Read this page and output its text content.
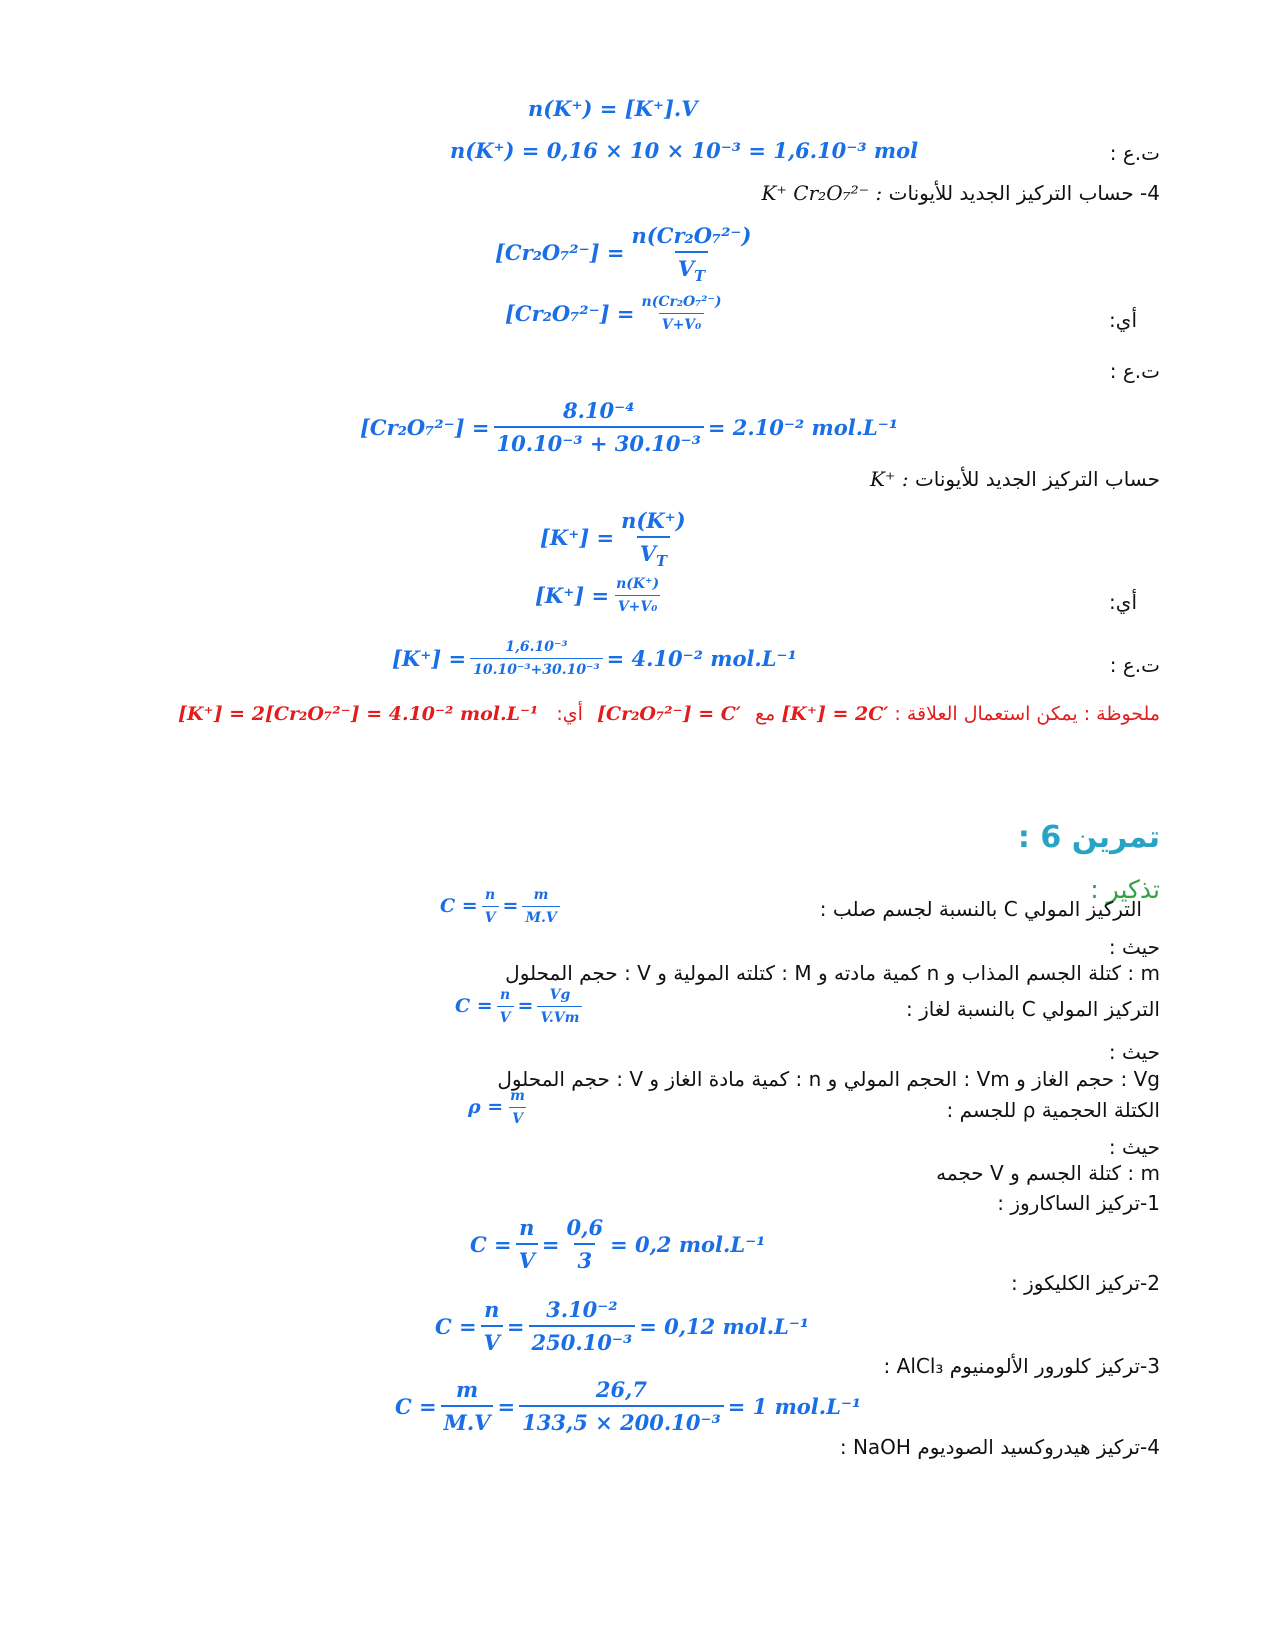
n(K⁺) = [K⁺].V
ت.ع :
n(K⁺) = 0,16 × 10 × 10⁻³ = 1,6.10⁻³ mol
4- حساب التركيز الجديد للأيونات K⁺ Cr₂O₇²⁻ :
$[Cr_2O_7^{2-}] = \frac{\text{n(Cr₂O₇²⁻)}}{V_T}$
أي:
$[Cr_2O_7^{2-}] = \frac{\text{n(Cr₂O₇²⁻)}}{\text{V+V₀}}$
ت.ع :
$[Cr_2O_7^{2-}] = \frac{\text{8.10⁻⁴}}{\text{10.10⁻³ + 30.10⁻³}} = 2.10^{-2}$ mol.L⁻¹
حساب التركيز الجديد للأيونات K⁺ :
$[K^+] = \frac{n(K^+)}{V_T}$
أي:
$[K^+] = \frac{n(K^+)}{\text{V+V₀}}$
ت.ع :
$[K^+] = \frac{\text{1,6.10⁻³}}{\text{10.10⁻³+30.10⁻³}} = 4.10^{-2}$ mol.L⁻¹
ملحوظة : يمكن استعمال العلاقة : [K⁺] = 2C′ مع [Cr₂O₇²⁻] = C′ أي: [K⁺] = 2[Cr₂O₇²⁻] = 4.10⁻² mol.L⁻¹
تمرين 6 :
تذكير :
التركيز المولي C بالنسبة لجسم صلب :
$C = \frac{n}{V} = \frac{m}{M.V}$
حيث :
m : كتلة الجسم المذاب و n كمية مادته و M : كتلته المولية و V : حجم المحلول
التركيز المولي C بالنسبة لغاز :
$C = \frac{n}{V} = \frac{Vg}{V.Vm}$
حيث :
Vg : حجم الغاز و Vm : الحجم المولي و n : كمية مادة الغاز و V : حجم المحلول
الكتلة الحجمية ρ للجسم :
$\rho = \frac{m}{V}$
حيث :
m : كتلة الجسم و V حجمه
1-تركيز الساكاروز :
$C = \frac{n}{V} = \frac{0,6}{3} = 0,2$ mol.L⁻¹
2-تركيز الكليكوز :
$C = \frac{n}{V} = \frac{\text{3.10⁻²}}{\text{250.10⁻³}} = 0,12$ mol.L⁻¹
3-تركيز كلورور الألومنيوم AlCl₃ :
$C = \frac{m}{M.V} = \frac{26,7}{\text{133,5 × 200.10⁻³}} = 1$ mol.L⁻¹
4-تركيز هيدروكسيد الصوديوم NaOH :
